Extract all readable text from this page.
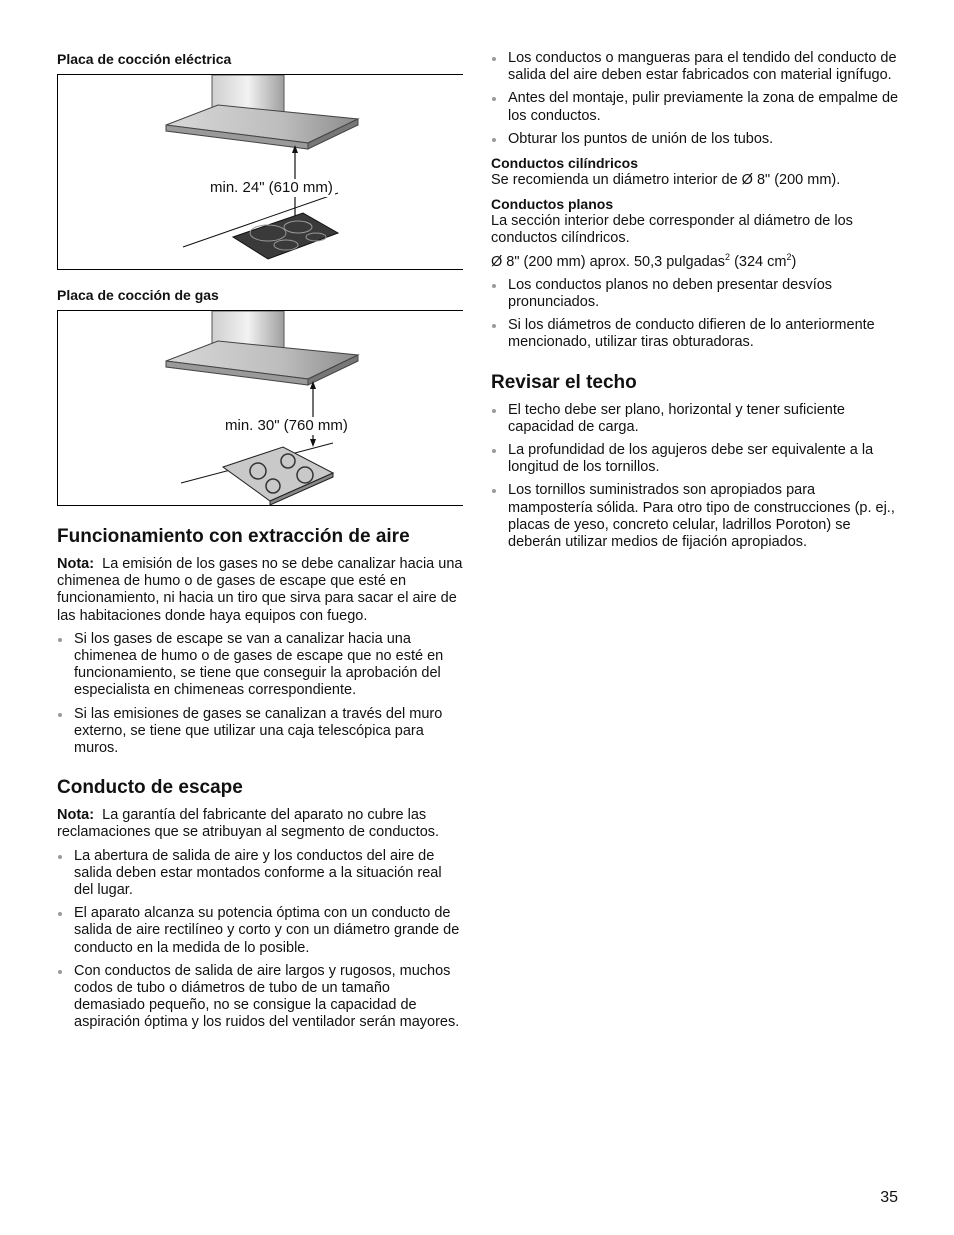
Placa de cocción eléctrica
min. 24" (610 mm)
Placa de cocción de gas
min. 30" (760 mm)
Funcionamiento con extracción de aire

Nota: La emisión de los gases no se debe canalizar hacia una chimenea de humo o de gases de escape que esté en funcionamiento, ni hacia un tiro que sirva para sacar el aire de las habitaciones donde haya equipos con fuego.

Si los gases de escape se van a canalizar hacia una chimenea de humo o de gases de escape que no esté en funcionamiento, se tiene que conseguir la aprobación del especialista en chimeneas correspondiente.
Si las emisiones de gases se canalizan a través del muro externo, se tiene que utilizar una caja telescópica para muros.
Conducto de escape

Nota: La garantía del fabricante del aparato no cubre las reclamaciones que se atribuyan al segmento de conductos.

La abertura de salida de aire y los conductos del aire de salida deben estar montados conforme a la situación real del lugar.
El aparato alcanza su potencia óptima con un conducto de salida de aire rectilíneo y corto y con un diámetro grande de conducto en la medida de lo posible.
Con conductos de salida de aire largos y rugosos, muchos codos de tubo o diámetros de tubo de un tamaño demasiado pequeño, no se consigue la capacidad de aspiración óptima y los ruidos del ventilador serán mayores.
Los conductos o mangueras para el tendido del conducto de salida del aire deben estar fabricados con material ignífugo.
Antes del montaje, pulir previamente la zona de empalme de los conductos.
Obturar los puntos de unión de los tubos.
Conductos cilíndricos

Se recomienda un diámetro interior de Ø 8" (200 mm).

Conductos planos

La sección interior debe corresponder al diámetro de los conductos cilíndricos.

Ø 8" (200 mm) aprox. 50,3 pulgadas$^2$ (324 $cm^2$)

Los conductos planos no deben presentar desvíos pronunciados.
Si los diámetros de conducto difieren de lo anteriormente mencionado, utilizar tiras obturadoras.
Revisar el techo
El techo debe ser plano, horizontal y tener suficiente capacidad de carga.
La profundidad de los agujeros debe ser equivalente a la longitud de los tornillos.
Los tornillos suministrados son apropiados para mampostería sólida. Para otro tipo de construcciones (p. ej., placas de yeso, concreto celular, ladrillos Poroton) se deberán utilizar medios de fijación apropiados.
35
